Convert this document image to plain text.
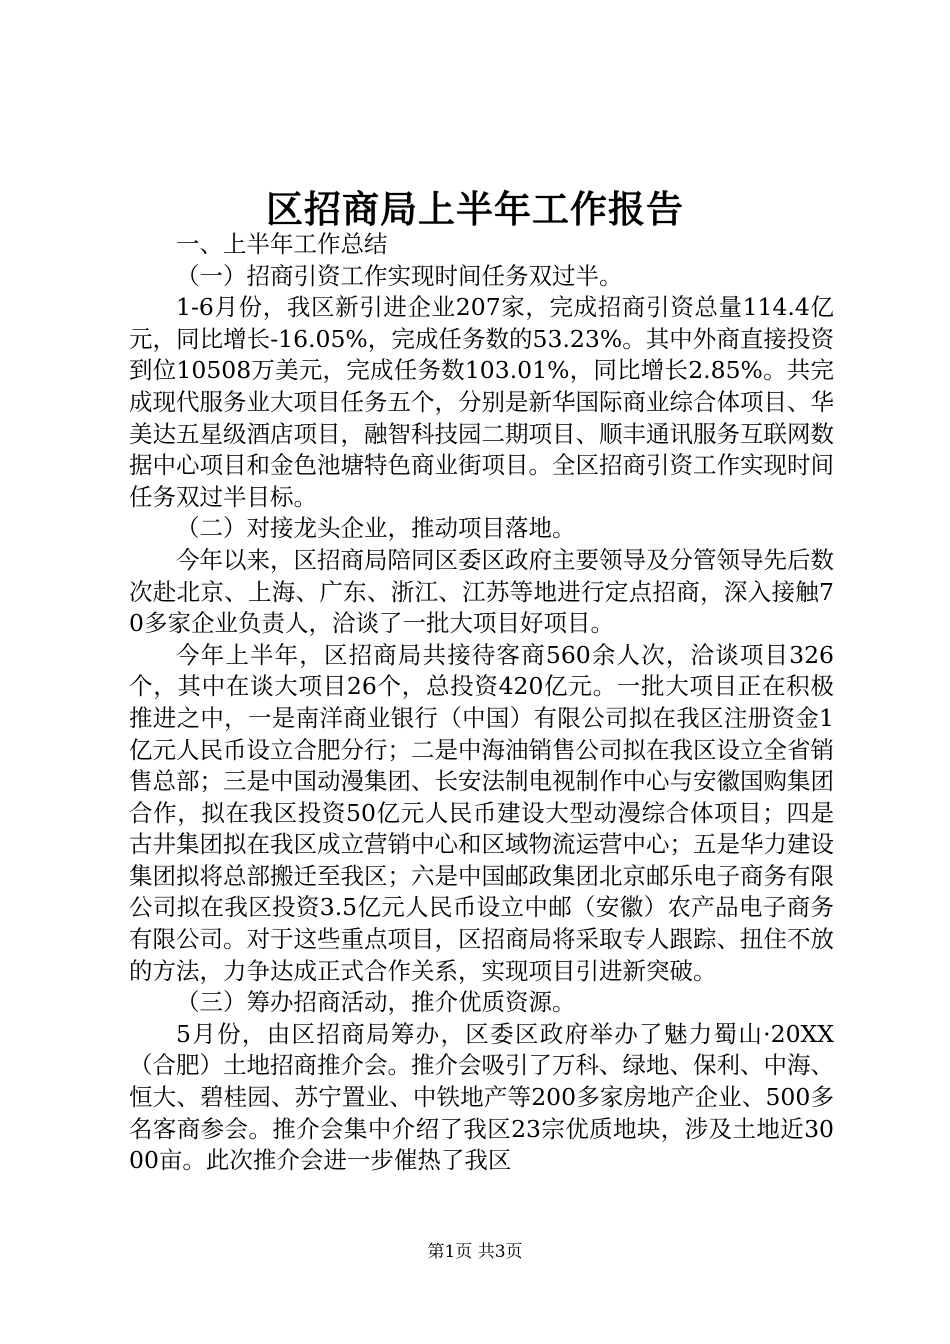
区招商局上半年工作报告

一、上半年工作总结

（一）招商引资工作实现时间任务双过半。

1-6月份，我区新引进企业207家，完成招商引资总量114.4亿元，同比增长-16.05%，完成任务数的53.23%。其中外商直接投资到位10508万美元，完成任务数103.01%，同比增长2.85%。共完成现代服务业大项目任务五个，分别是新华国际商业综合体项目、华美达五星级酒店项目，融智科技园二期项目、顺丰通讯服务互联网数据中心项目和金色池塘特色商业街项目。全区招商引资工作实现时间任务双过半目标。

（二）对接龙头企业，推动项目落地。

今年以来，区招商局陪同区委区政府主要领导及分管领导先后数次赴北京、上海、广东、浙江、江苏等地进行定点招商，深入接触70多家企业负责人，洽谈了一批大项目好项目。

今年上半年，区招商局共接待客商560余人次，洽谈项目326个，其中在谈大项目26个，总投资420亿元。一批大项目正在积极推进之中，一是南洋商业银行（中国）有限公司拟在我区注册资金1亿元人民币设立合肥分行；二是中海油销售公司拟在我区设立全省销售总部；三是中国动漫集团、长安法制电视制作中心与安徽国购集团合作，拟在我区投资50亿元人民币建设大型动漫综合体项目；四是古井集团拟在我区成立营销中心和区域物流运营中心；五是华力建设集团拟将总部搬迁至我区；六是中国邮政集团北京邮乐电子商务有限公司拟在我区投资3.5亿元人民币设立中邮（安徽）农产品电子商务有限公司。对于这些重点项目，区招商局将采取专人跟踪、扭住不放的方法，力争达成正式合作关系，实现项目引进新突破。

（三）筹办招商活动，推介优质资源。

5月份，由区招商局筹办，区委区政府举办了魅力蜀山·20XX（合肥）土地招商推介会。推介会吸引了万科、绿地、保利、中海、恒大、碧桂园、苏宁置业、中铁地产等200多家房地产企业、500多名客商参会。推介会集中介绍了我区23宗优质地块，涉及土地近3000亩。此次推介会进一步催热了我区

第1页 共3页
